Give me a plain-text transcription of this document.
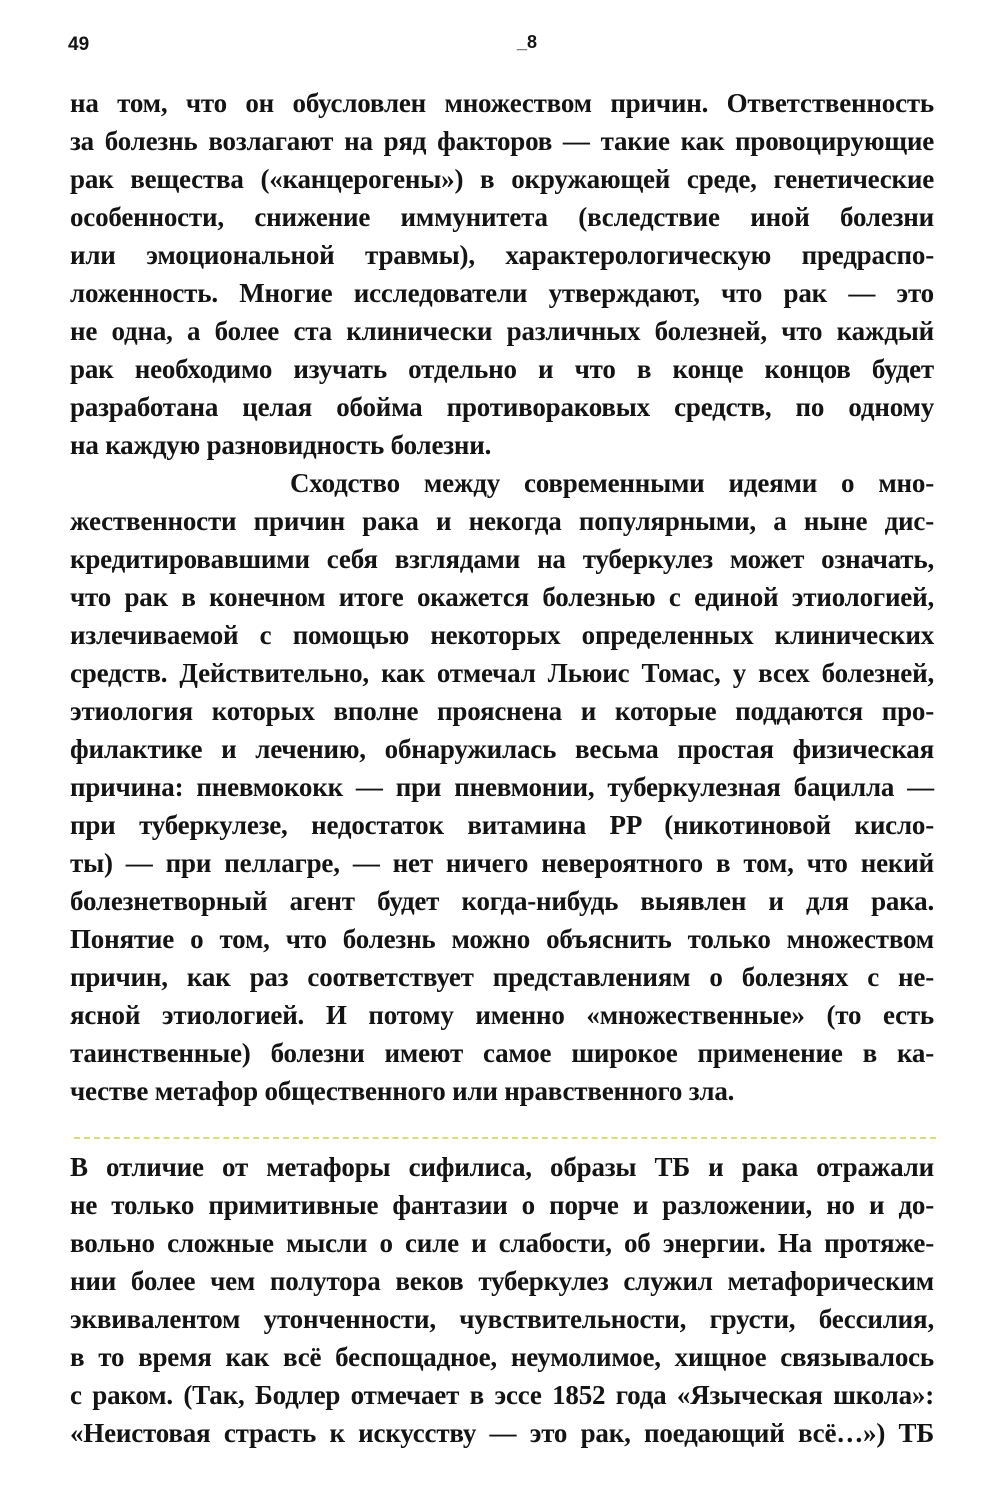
49	_8
на том, что он обусловлен множеством причин. Ответственность
за болезнь возлагают на ряд факторов — такие как провоцирующие
рак вещества («канцерогены») в окружающей среде, генетические
особенности, снижение иммунитета (вследствие иной болезни
или эмоциональной травмы), характерологическую предраспо-
ложенность. Многие исследователи утверждают, что рак — это
не одна, а более ста клинически различных болезней, что каждый
рак необходимо изучать отдельно и что в конце концов будет
разработана целая обойма противораковых средств, по одному
на каждую разновидность болезни.
Сходство между современными идеями о мно-
жественности причин рака и некогда популярными, а ныне дис-
кредитировавшими себя взглядами на туберкулез может означать,
что рак в конечном итоге окажется болезнью с единой этиологией,
излечиваемой с помощью некоторых определенных клинических
средств. Действительно, как отмечал Льюис Томас, у всех болезней,
этиология которых вполне прояснена и которые поддаются про-
филактике и лечению, обнаружилась весьма простая физическая
причина: пневмококк — при пневмонии, туберкулезная бацилла —
при туберкулезе, недостаток витамина PP (никотиновой кисло-
ты) — при пеллагре, — нет ничего невероятного в том, что некий
болезнетворный агент будет когда-нибудь выявлен и для рака.
Понятие о том, что болезнь можно объяснить только множеством
причин, как раз соответствует представлениям о болезнях с не-
ясной этиологией. И потому именно «множественные» (то есть
таинственные) болезни имеют самое широкое применение в ка-
честве метафор общественного или нравственного зла.
В отличие от метафоры сифилиса, образы ТБ и рака отражали
не только примитивные фантазии о порче и разложении, но и до-
вольно сложные мысли о силе и слабости, об энергии. На протяже-
нии более чем полутора веков туберкулез служил метафорическим
эквивалентом утонченности, чувствительности, грусти, бессилия,
в то время как всё беспощадное, неумолимое, хищное связывалось
с раком. (Так, Бодлер отмечает в эссе 1852 года «Языческая школа»:
«Неистовая страсть к искусству — это рак, поедающий всё…») ТБ
